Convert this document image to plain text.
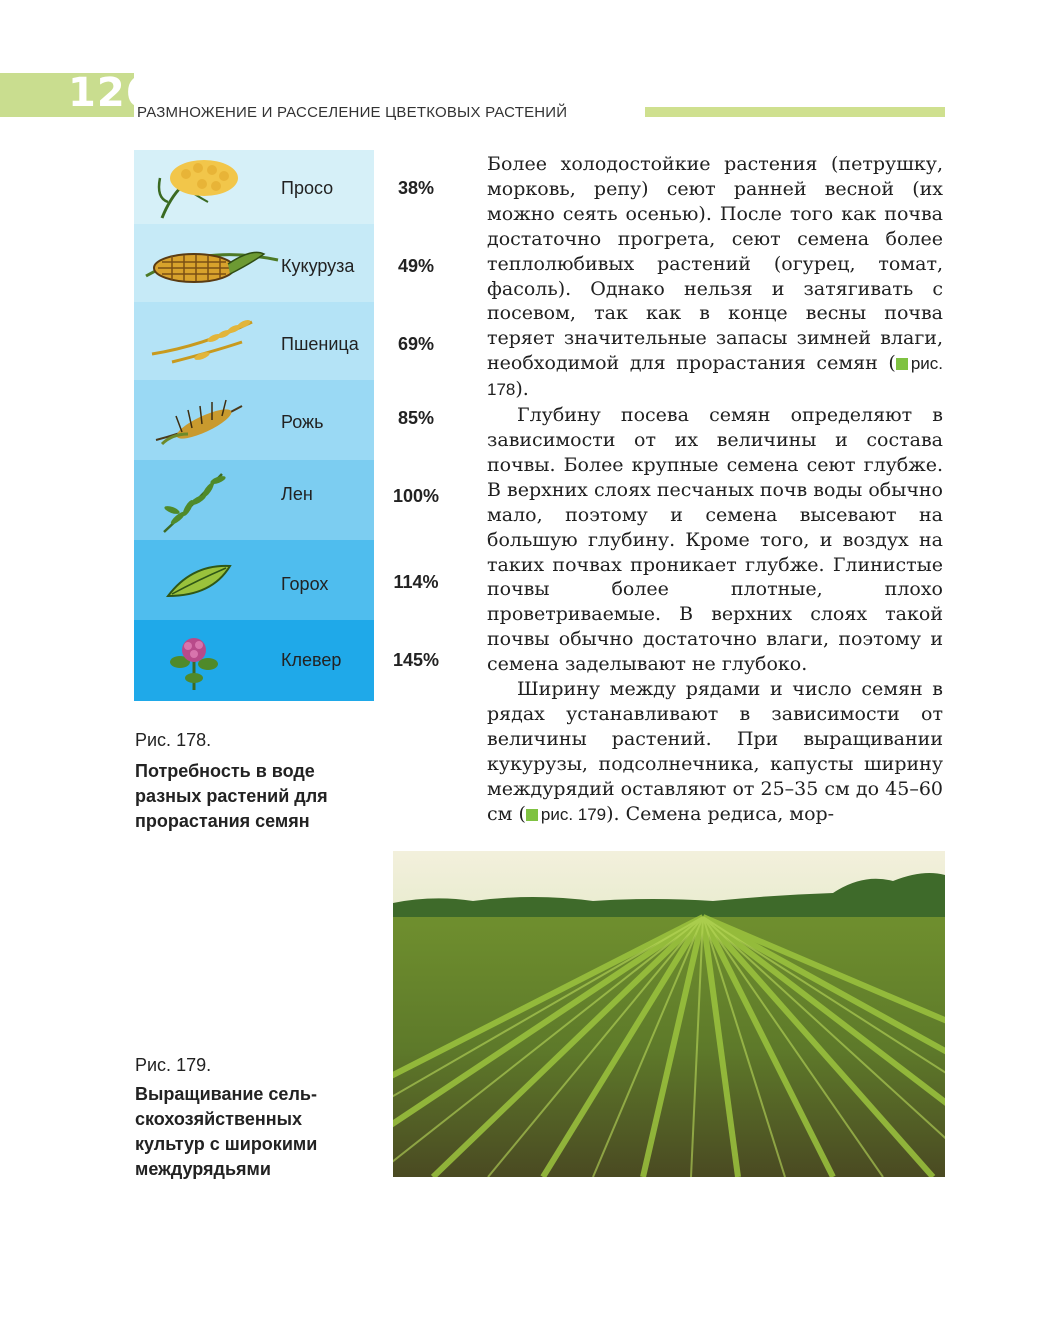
126
РАЗМНОЖЕНИЕ И РАССЕЛЕНИЕ ЦВЕТКОВЫХ РАСТЕНИЙ
Просо	38%
Кукуруза	49%
Пшеница	69%
Рожь	85%
Лен	100%
Горох	114%
Клевер	145%
Рис. 178.
Потребность в воде
разных растений для
прорастания семян

Более холодостойкие растения (петрушку, морковь, репу) сеют ранней весной (их можно сеять осенью). После того как почва достаточно прогрета, сеют семена более теплолюбивых растений (огурец, томат, фасоль). Однако нельзя и затягивать с посевом, так как в конце весны почва теряет значительные запасы зимней влаги, необходимой для прорастания семян ( рис. 178).

Глубину посева семян определяют в зависимости от их величины и состава почвы. Более крупные семена сеют глубже. В верхних слоях песчаных почв воды обычно мало, поэтому и семена высевают на большую глубину. Кроме того, и воздух на таких почвах проникает глубже. Глинистые почвы более плотные, плохо проветриваемые. В верхних слоях такой почвы обычно достаточно влаги, поэтому и семена заделывают не глубоко.

Ширину между рядами и число семян в рядах устанавливают в зависимости от величины растений. При выращивании кукурузы, подсолнечника, капусты ширину междурядий оставляют от 25–35 см до 45–60 см ( рис. 179). Семена редиса, мор-

Рис. 179.
Выращивание сель-
скохозяйственных
культур с широкими
междурядьями
